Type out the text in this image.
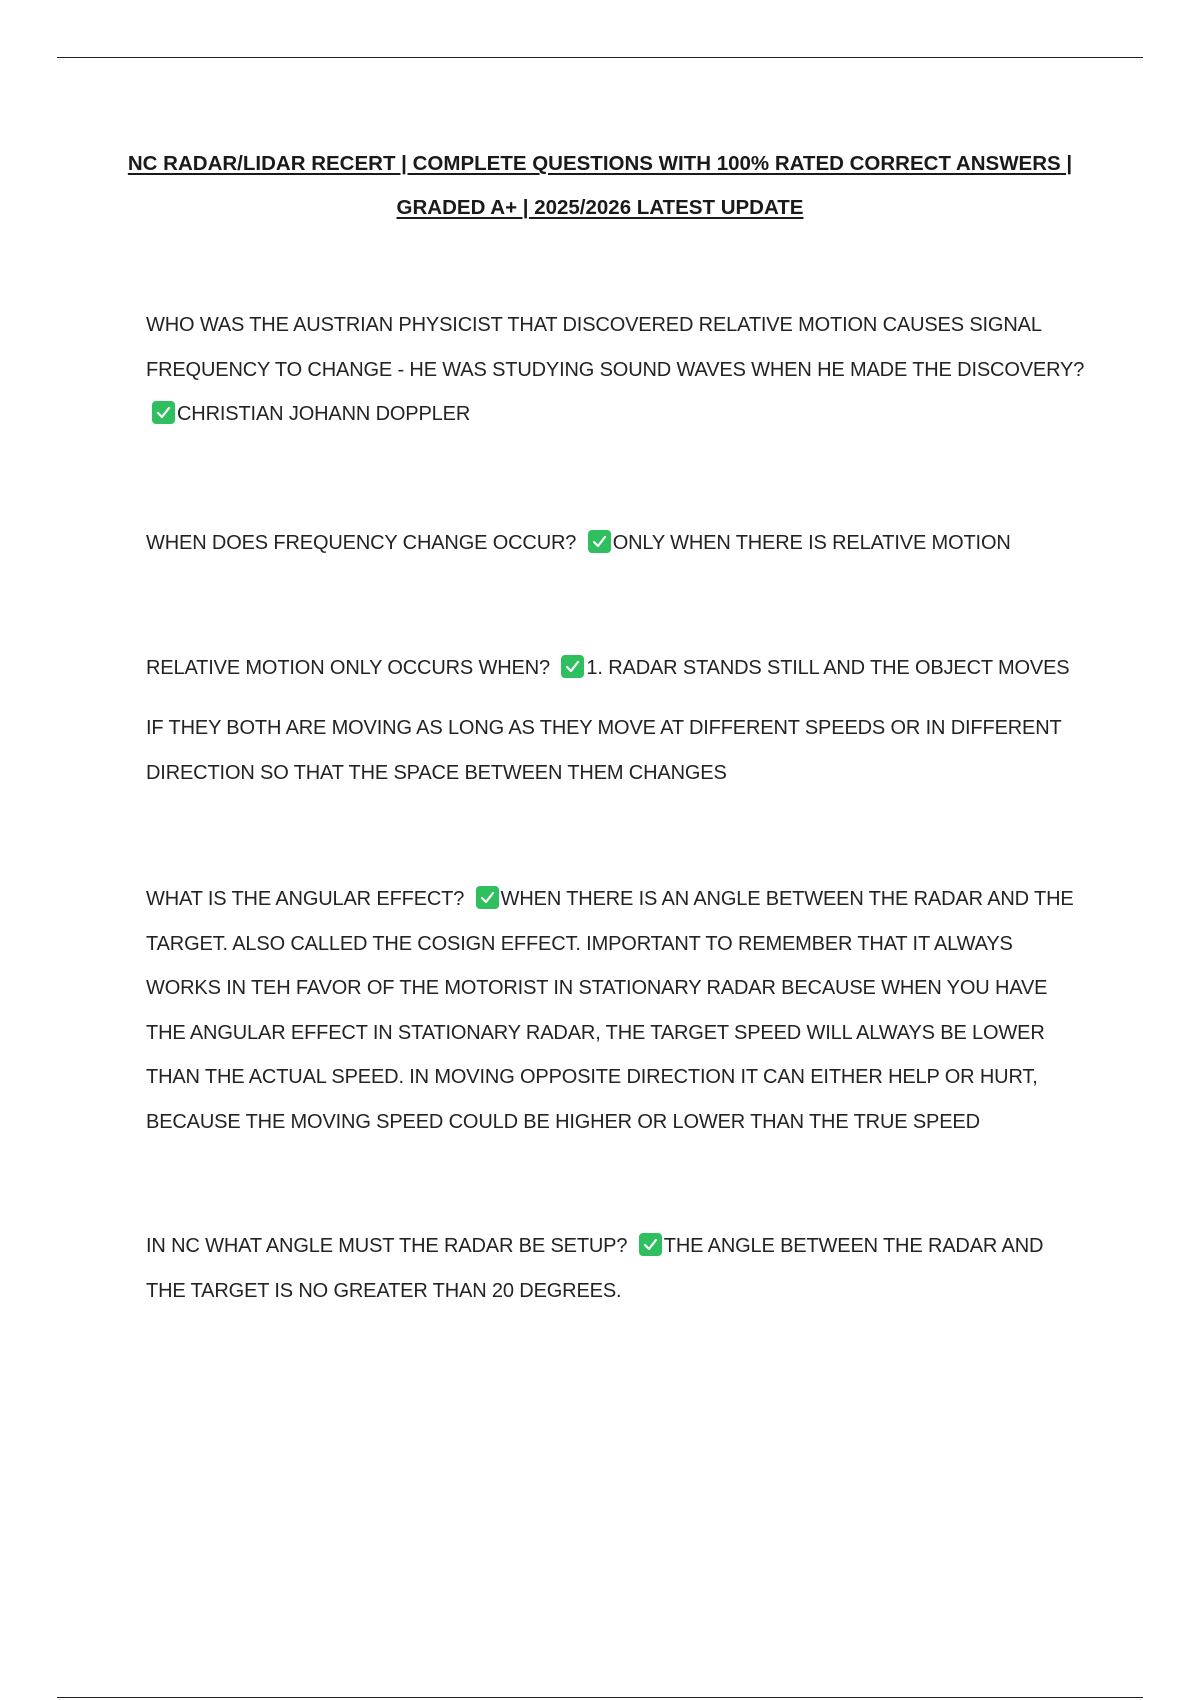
NC RADAR/LIDAR RECERT | COMPLETE QUESTIONS WITH 100% RATED CORRECT ANSWERS | GRADED A+ | 2025/2026 LATEST UPDATE

WHO WAS THE AUSTRIAN PHYSICIST THAT DISCOVERED RELATIVE MOTION CAUSES SIGNAL FREQUENCY TO CHANGE - HE WAS STUDYING SOUND WAVES WHEN HE MADE THE DISCOVERY?
CHRISTIAN JOHANN DOPPLER

WHEN DOES FREQUENCY CHANGE OCCUR? ONLY WHEN THERE IS RELATIVE MOTION

RELATIVE MOTION ONLY OCCURS WHEN? 1. RADAR STANDS STILL AND THE OBJECT MOVES

IF THEY BOTH ARE MOVING AS LONG AS THEY MOVE AT DIFFERENT SPEEDS OR IN DIFFERENT DIRECTION SO THAT THE SPACE BETWEEN THEM CHANGES

WHAT IS THE ANGULAR EFFECT? WHEN THERE IS AN ANGLE BETWEEN THE RADAR AND THE TARGET. ALSO CALLED THE COSIGN EFFECT. IMPORTANT TO REMEMBER THAT IT ALWAYS WORKS IN TEH FAVOR OF THE MOTORIST IN STATIONARY RADAR BECAUSE WHEN YOU HAVE THE ANGULAR EFFECT IN STATIONARY RADAR, THE TARGET SPEED WILL ALWAYS BE LOWER THAN THE ACTUAL SPEED. IN MOVING OPPOSITE DIRECTION IT CAN EITHER HELP OR HURT, BECAUSE THE MOVING SPEED COULD BE HIGHER OR LOWER THAN THE TRUE SPEED

IN NC WHAT ANGLE MUST THE RADAR BE SETUP? THE ANGLE BETWEEN THE RADAR AND THE TARGET IS NO GREATER THAN 20 DEGREES.
